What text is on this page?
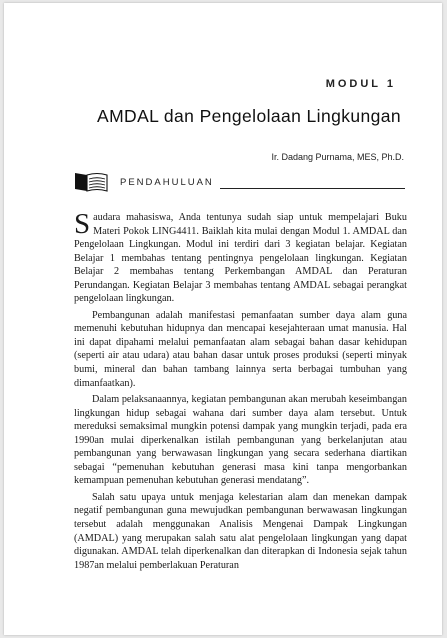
MODUL 1
AMDAL dan Pengelolaan Lingkungan
Ir. Dadang Purnama, MES, Ph.D.
PENDAHULUAN

Saudara mahasiswa, Anda tentunya sudah siap untuk mempelajari Buku Materi Pokok LING4411. Baiklah kita mulai dengan Modul 1. AMDAL dan Pengelolaan Lingkungan. Modul ini terdiri dari 3 kegiatan belajar. Kegiatan Belajar 1 membahas tentang pentingnya pengelolaan lingkungan. Kegiatan Belajar 2 membahas tentang Perkembangan AMDAL dan Peraturan Perundangan. Kegiatan Belajar 3 membahas tentang AMDAL sebagai perangkat pengelolaan lingkungan.

Pembangunan adalah manifestasi pemanfaatan sumber daya alam guna memenuhi kebutuhan hidupnya dan mencapai kesejahteraan umat manusia. Hal ini dapat dipahami melalui pemanfaatan alam sebagai bahan dasar kehidupan (seperti air atau udara) atau bahan dasar untuk proses produksi (seperti minyak bumi, mineral dan bahan tambang lainnya serta berbagai tumbuhan yang dimanfaatkan).

Dalam pelaksanaannya, kegiatan pembangunan akan merubah keseimbangan lingkungan hidup sebagai wahana dari sumber daya alam tersebut. Untuk mereduksi semaksimal mungkin potensi dampak yang mungkin terjadi, pada era 1990an mulai diperkenalkan istilah pembangunan yang berkelanjutan atau pembangunan yang berwawasan lingkungan yang secara sederhana diartikan sebagai “pemenuhan kebutuhan generasi masa kini tanpa mengorbankan kemampuan pemenuhan kebutuhan generasi mendatang”.

Salah satu upaya untuk menjaga kelestarian alam dan menekan dampak negatif pembangunan guna mewujudkan pembangunan berwawasan lingkungan tersebut adalah menggunakan Analisis Mengenai Dampak Lingkungan (AMDAL) yang merupakan salah satu alat pengelolaan lingkungan yang dapat digunakan. AMDAL telah diperkenalkan dan diterapkan di Indonesia sejak tahun 1987an melalui pemberlakuan Peraturan
